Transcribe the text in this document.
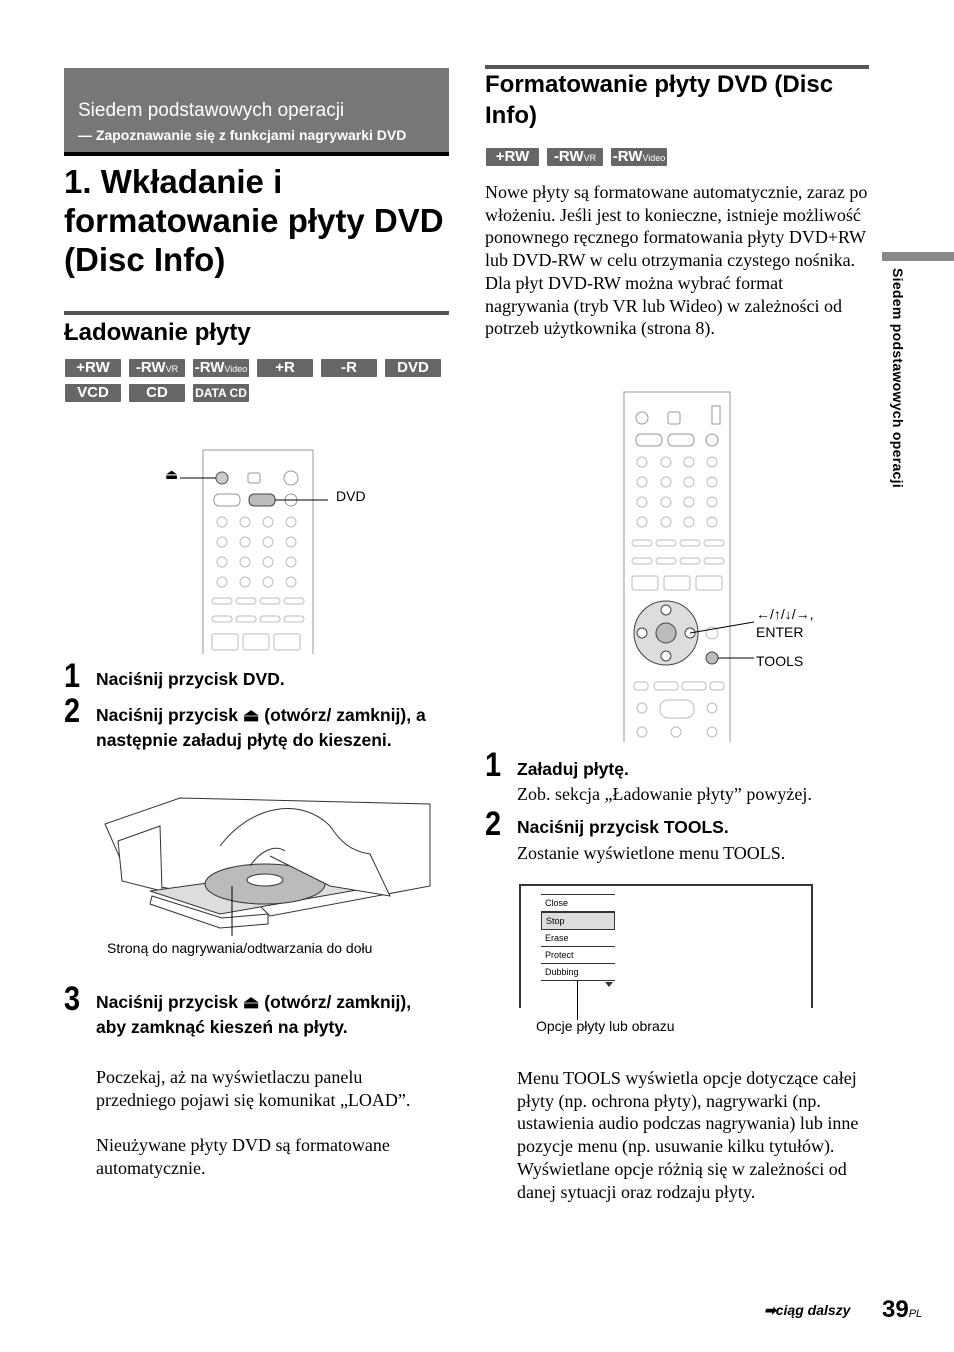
Siedem podstawowych operacji
— Zapoznawanie się z funkcjami nagrywarki DVD
1. Wkładanie i formatowanie płyty DVD (Disc Info)
Ładowanie płyty
+RW	-RWVR	-RWVideo	+R	-R	DVD
VCD	CD	DATA CD
⏏
DVD
1 Naciśnij przycisk DVD.
2 Naciśnij przycisk ⏏ (otwórz/ zamknij), a następnie załaduj płytę do kieszeni.
Stroną do nagrywania/odtwarzania do dołu
3 Naciśnij przycisk ⏏ (otwórz/ zamknij), aby zamknąć kieszeń na płyty.
Poczekaj, aż na wyświetlaczu panelu przedniego pojawi się komunikat „LOAD”.
Nieużywane płyty DVD są formatowane automatycznie.
Formatowanie płyty DVD (Disc Info)
+RW	-RWVR	-RWVideo
Nowe płyty są formatowane automatycznie, zaraz po włożeniu. Jeśli jest to konieczne, istnieje możliwość ponownego ręcznego formatowania płyty DVD+RW lub DVD-RW w celu otrzymania czystego nośnika. Dla płyt DVD-RW można wybrać format nagrywania (tryb VR lub Wideo) w zależności od potrzeb użytkownika (strona 8).
←/↑/↓/→,
ENTER
TOOLS
1 Załaduj płytę.
Zob. sekcja „Ładowanie płyty” powyżej.
2 Naciśnij przycisk TOOLS.
Zostanie wyświetlone menu TOOLS.
Close
Stop
Erase
Protect
Dubbing
Opcje płyty lub obrazu
Menu TOOLS wyświetla opcje dotyczące całej płyty (np. ochrona płyty), nagrywarki (np. ustawienia audio podczas nagrywania) lub inne pozycje menu (np. usuwanie kilku tytułów). Wyświetlane opcje różnią się w zależności od danej sytuacji oraz rodzaju płyty.
Siedem podstawowych operacji
➡ciąg dalszy 39PL
